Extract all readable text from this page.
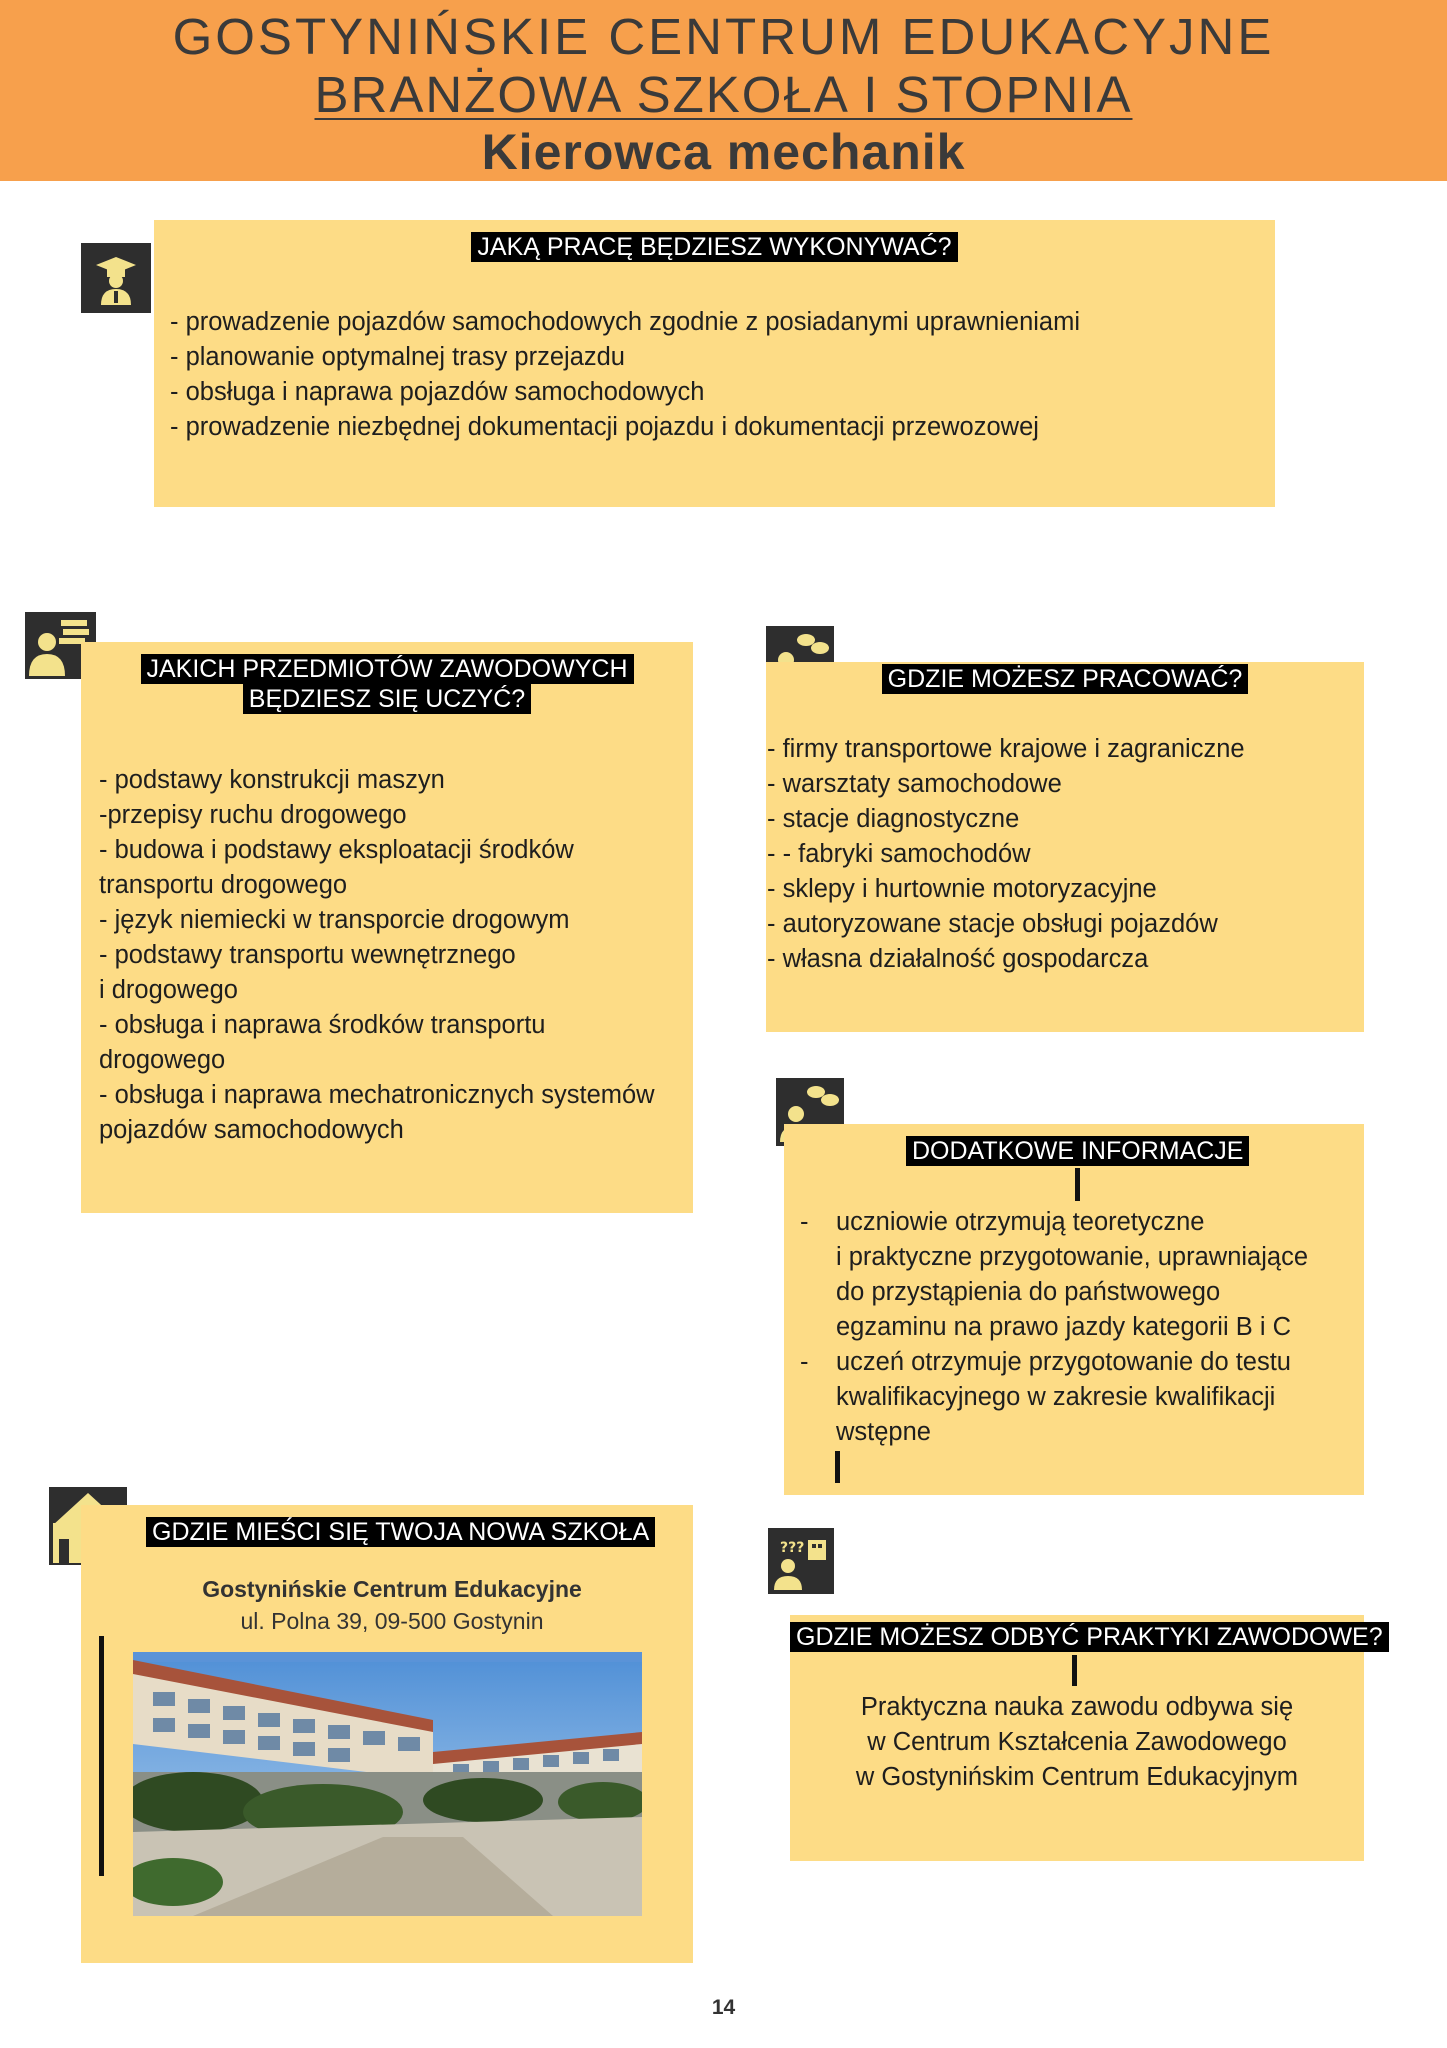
GOSTYNIŃSKIE CENTRUM EDUKACYJNE
BRANŻOWA SZKOŁA I STOPNIA
Kierowca mechanik
JAKĄ PRACĘ BĘDZIESZ WYKONYWAĆ?
- prowadzenie pojazdów samochodowych zgodnie z posiadanymi uprawnieniami
- planowanie optymalnej trasy przejazdu
- obsługa i naprawa pojazdów samochodowych
- prowadzenie niezbędnej dokumentacji pojazdu i dokumentacji przewozowej
JAKICH PRZEDMIOTÓW ZAWODOWYCH
BĘDZIESZ SIĘ UCZYĆ?
- podstawy konstrukcji maszyn
-przepisy ruchu drogowego
- budowa i podstawy eksploatacji środków
transportu drogowego
- język niemiecki w transporcie drogowym
- podstawy transportu wewnętrznego
i drogowego
- obsługa i naprawa środków transportu
drogowego
- obsługa i naprawa mechatronicznych systemów
pojazdów samochodowych
GDZIE MOŻESZ PRACOWAĆ?
- firmy transportowe krajowe i zagraniczne
- warsztaty samochodowe
- stacje diagnostyczne
- - fabryki samochodów
- sklepy i hurtownie motoryzacyjne
- autoryzowane stacje obsługi pojazdów
- własna działalność gospodarcza
DODATKOWE INFORMACJE
- uczniowie otrzymują teoretyczne
i praktyczne przygotowanie, uprawniające
do przystąpienia do państwowego
egzaminu na prawo jazdy kategorii B i C
- uczeń otrzymuje przygotowanie do testu
kwalifikacyjnego w zakresie kwalifikacji
wstępne
GDZIE MIEŚCI SIĘ TWOJA NOWA SZKOŁA
Gostynińskie Centrum Edukacyjne
ul. Polna 39, 09-500 Gostynin
???
GDZIE MOŻESZ ODBYĆ PRAKTYKI ZAWODOWE?
Praktyczna nauka zawodu odbywa się
w Centrum Kształcenia Zawodowego
w Gostynińskim Centrum Edukacyjnym
14
